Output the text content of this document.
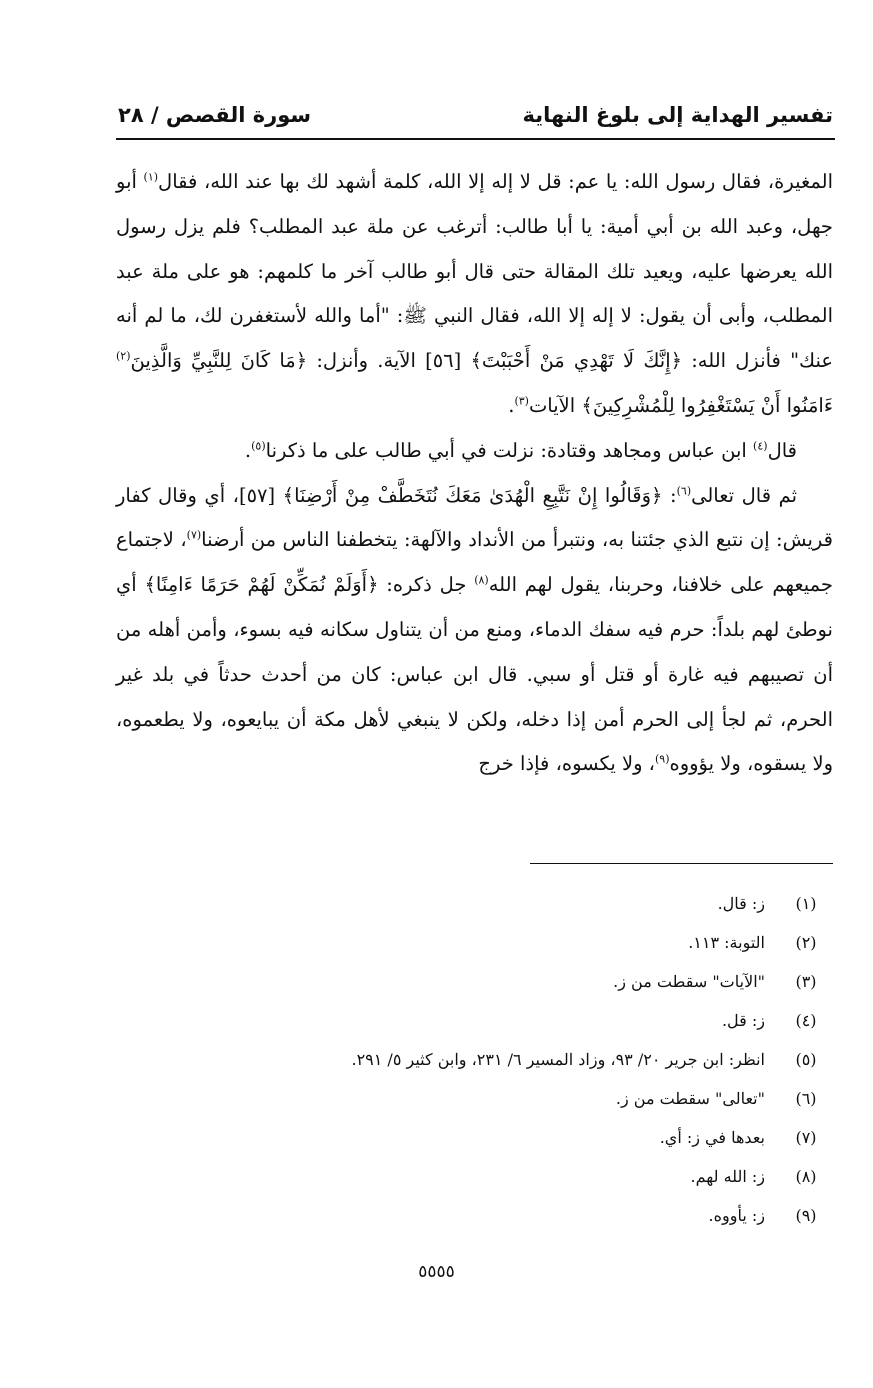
تفسير الهداية إلى بلوغ النهاية
سورة القصص / ٢٨

المغيرة، فقال رسول الله: يا عم: قل لا إله إلا الله، كلمة أشهد لك بها عند الله، فقال$^{(١)}$ أبو جهل، وعبد الله بن أبي أمية: يا أبا طالب: أترغب عن ملة عبد المطلب؟ فلم يزل رسول الله يعرضها عليه، ويعيد تلك المقالة حتى قال أبو طالب آخر ما كلمهم: هو على ملة عبد المطلب، وأبى أن يقول: لا إله إلا الله، فقال النبي ﷺ: "أما والله لأستغفرن لك، ما لم أنه عنك" فأنزل الله: ﴿إِنَّكَ لَا تَهْدِي مَنْ أَحْبَبْتَ﴾ [٥٦] الآية. وأنزل: ﴿مَا كَانَ لِلنَّبِيِّ وَالَّذِينَ$^{(٢)}$ ءَامَنُوا أَنْ يَسْتَغْفِرُوا لِلْمُشْرِكِينَ﴾ الآيات$^{(٣)}$.

قال$^{(٤)}$ ابن عباس ومجاهد وقتادة: نزلت في أبي طالب على ما ذكرنا$^{(٥)}$.

ثم قال تعالى$^{(٦)}$: ﴿وَقَالُوا إِنْ نَتَّبِعِ الْهُدَىٰ مَعَكَ نُتَخَطَّفْ مِنْ أَرْضِنَا﴾ [٥٧]، أي وقال كفار قريش: إن نتبع الذي جئتنا به، ونتبرأ من الأنداد والآلهة: يتخطفنا الناس من أرضنا$^{(٧)}$، لاجتماع جميعهم على خلافنا، وحربنا، يقول لهم الله$^{(٨)}$ جل ذكره: ﴿أَوَلَمْ نُمَكِّنْ لَهُمْ حَرَمًا ءَامِنًا﴾ أي نوطئ لهم بلداً: حرم فيه سفك الدماء، ومنع من أن يتناول سكانه فيه بسوء، وأمن أهله من أن تصيبهم فيه غارة أو قتل أو سبي. قال ابن عباس: كان من أحدث حدثاً في بلد غير الحرم، ثم لجأ إلى الحرم أمن إذا دخله، ولكن لا ينبغي لأهل مكة أن يبايعوه، ولا يطعموه، ولا يسقوه، ولا يؤووه$^{(٩)}$، ولا يكسوه، فإذا خرج

(١)
ز: قال.
(٢)
التوبة: ١١٣.
(٣)
"الآيات" سقطت من ز.
(٤)
ز: قل.
(٥)
انظر: ابن جرير ٢٠/ ٩٣، وزاد المسير ٦/ ٢٣١، وابن كثير ٥/ ٢٩١.
(٦)
"تعالى" سقطت من ز.
(٧)
بعدها في ز: أي.
(٨)
ز: الله لهم.
(٩)
ز: يأووه.
٥٥٥٥
